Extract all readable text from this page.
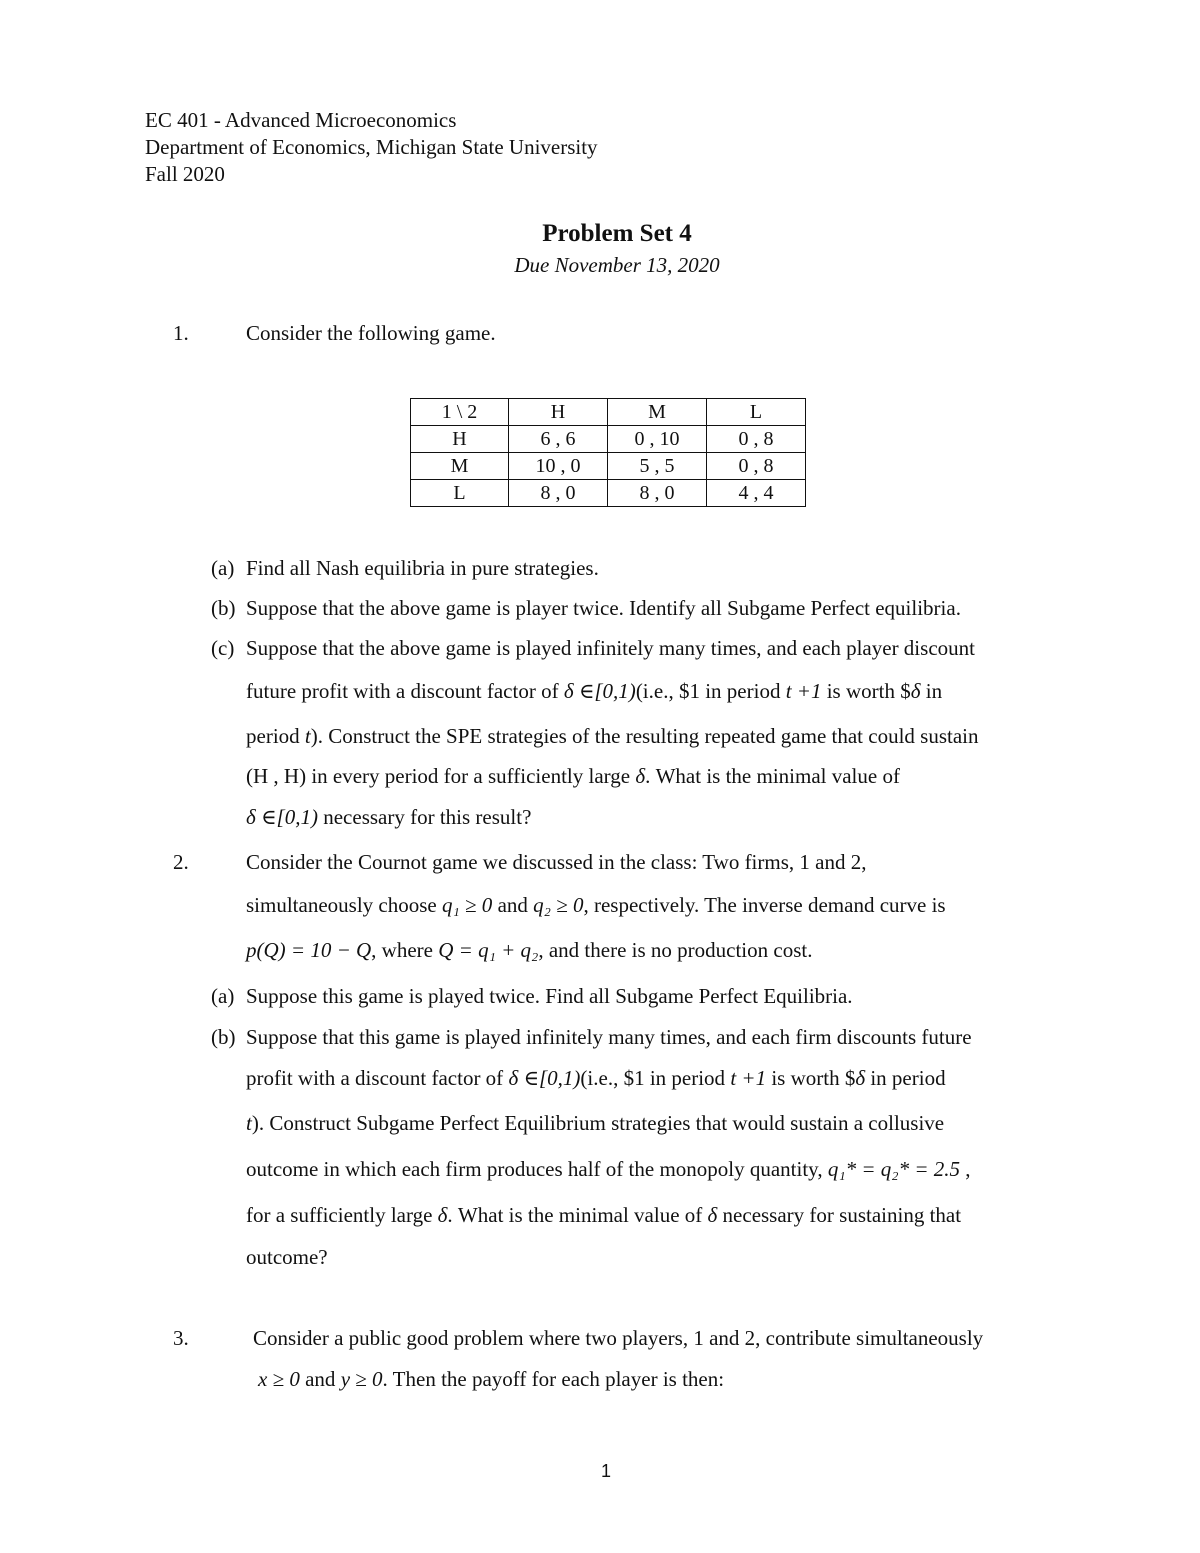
EC 401 - Advanced Microeconomics
Department of Economics, Michigan State University
Fall 2020
Problem Set 4
Due November 13, 2020
1.	Consider the following game.
1 \ 2	H	M	L
H	6 , 6	0 , 10	0 , 8
M	10 , 0	5 , 5	0 , 8
L	8 , 0	8 , 0	4 , 4
(a) Find all Nash equilibria in pure strategies.
(b) Suppose that the above game is player twice. Identify all Subgame Perfect equilibria.
(c) Suppose that the above game is played infinitely many times, and each player discount
future profit with a discount factor of δ ∈[0,1)(i.e., $1 in period t +1 is worth $δ in
period t). Construct the SPE strategies of the resulting repeated game that could sustain
(H , H) in every period for a sufficiently large δ. What is the minimal value of
δ ∈[0,1) necessary for this result?
2.	Consider the Cournot game we discussed in the class: Two firms, 1 and 2,
simultaneously choose q₁ ≥ 0 and q₂ ≥ 0, respectively. The inverse demand curve is
p(Q) = 10 − Q, where Q = q₁ + q₂, and there is no production cost.
(a) Suppose this game is played twice. Find all Subgame Perfect Equilibria.
(b) Suppose that this game is played infinitely many times, and each firm discounts future
profit with a discount factor of δ ∈[0,1)(i.e., $1 in period t +1 is worth $δ in period
t). Construct Subgame Perfect Equilibrium strategies that would sustain a collusive
outcome in which each firm produces half of the monopoly quantity, q₁* = q₂* = 2.5 ,
for a sufficiently large δ. What is the minimal value of δ necessary for sustaining that
outcome?
3.	Consider a public good problem where two players, 1 and 2, contribute simultaneously
x ≥ 0 and y ≥ 0. Then the payoff for each player is then:
1
